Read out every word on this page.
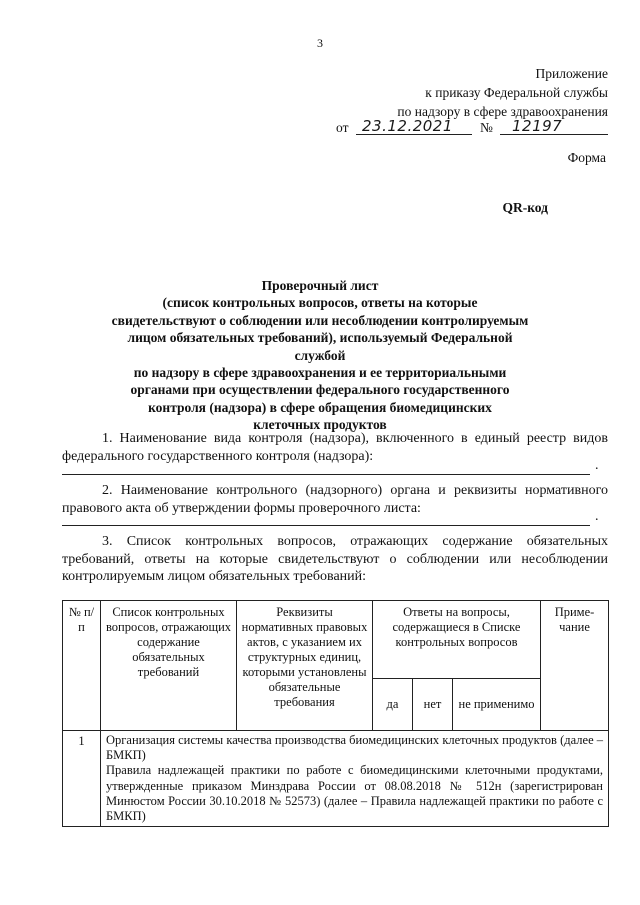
3
Приложение
к приказу Федеральной службы
по надзору в сфере здравоохранения
от 23.12.2021 № 12197
Форма
QR-код
Проверочный лист
(список контрольных вопросов, ответы на которые
свидетельствуют о соблюдении или несоблюдении контролируемым
лицом обязательных требований), используемый Федеральной службой
по надзору в сфере здравоохранения и ее территориальными
органами при осуществлении федерального государственного
контроля (надзора) в сфере обращения биомедицинских
клеточных продуктов
1. Наименование вида контроля (надзора), включенного в единый реестр видов федерального государственного контроля (надзора):
.
2. Наименование контрольного (надзорного) органа и реквизиты нормативного правового акта об утверждении формы проверочного листа:
.
3. Список контрольных вопросов, отражающих содержание обязательных требований, ответы на которые свидетельствуют о соблюдении или несоблюдении контролируемым лицом обязательных требований:
№ п/п	Список контрольных вопросов, отражающих содержание обязательных требований	Реквизиты нормативных правовых актов, с указанием их структурных единиц, которыми установлены обязательные требования	Ответы на вопросы, содержащиеся в Списке контрольных вопросов			Приме-чание
			да	нет	не применимо	
1	Организация системы качества производства биомедицинских клеточных продуктов (далее – БМКП)
Правила надлежащей практики по работе с биомедицинскими клеточными продуктами, утвержденные приказом Минздрава России от 08.08.2018 № 512н (зарегистрирован Минюстом России 30.10.2018 № 52573) (далее – Правила надлежащей практики по работе с БМКП)					
